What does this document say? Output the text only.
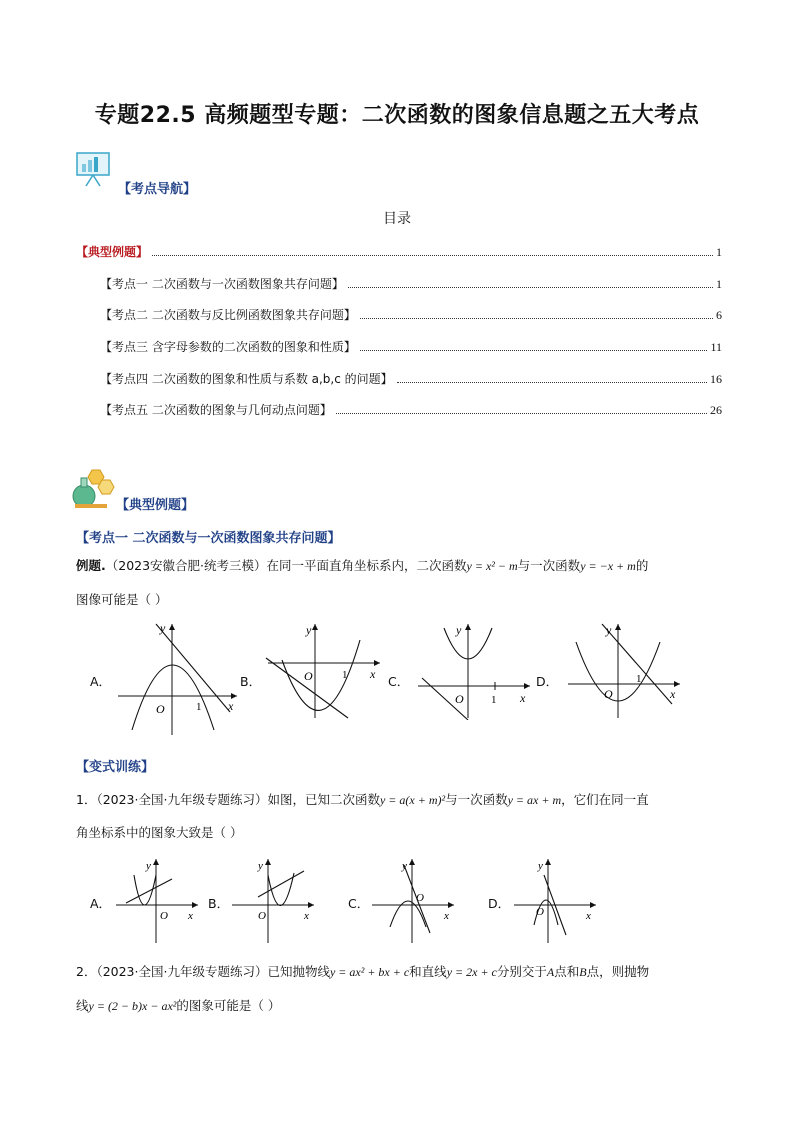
专题22.5 高频题型专题：二次函数的图象信息题之五大考点
【考点导航】
目录
【典型例题】	1
【考点一 二次函数与一次函数图象共存问题】	1
【考点二 二次函数与反比例函数图象共存问题】	6
【考点三 含字母参数的二次函数的图象和性质】	11
【考点四 二次函数的图象和性质与系数 a,b,c 的问题】	16
【考点五 二次函数的图象与几何动点问题】	26
【典型例题】
【考点一 二次函数与一次函数图象共存问题】
例题.（2023安徽合肥·统考三模）在同一平面直角坐标系内，二次函数y = x² − m与一次函数y = −x + m的
图像可能是（ ）
A．
y
x
O	1
B．
y
x
O	1	C．
y
x
O 1
D．
y
x
O
1
【变式训练】
1．（2023·全国·九年级专题练习）如图，已知二次函数y = a(x + m)²与一次函数y = ax + m，它们在同一直
角坐标系中的图象大致是（ ）
A．
y
x
O
B．
y
x
O
C．
y
x
O	D．
y
x
O
2．（2023·全国·九年级专题练习）已知抛物线y = ax² + bx + c和直线y = 2x + c分别交于A点和B点，则抛物
线y = (2 − b)x − ax²的图象可能是（ ）
